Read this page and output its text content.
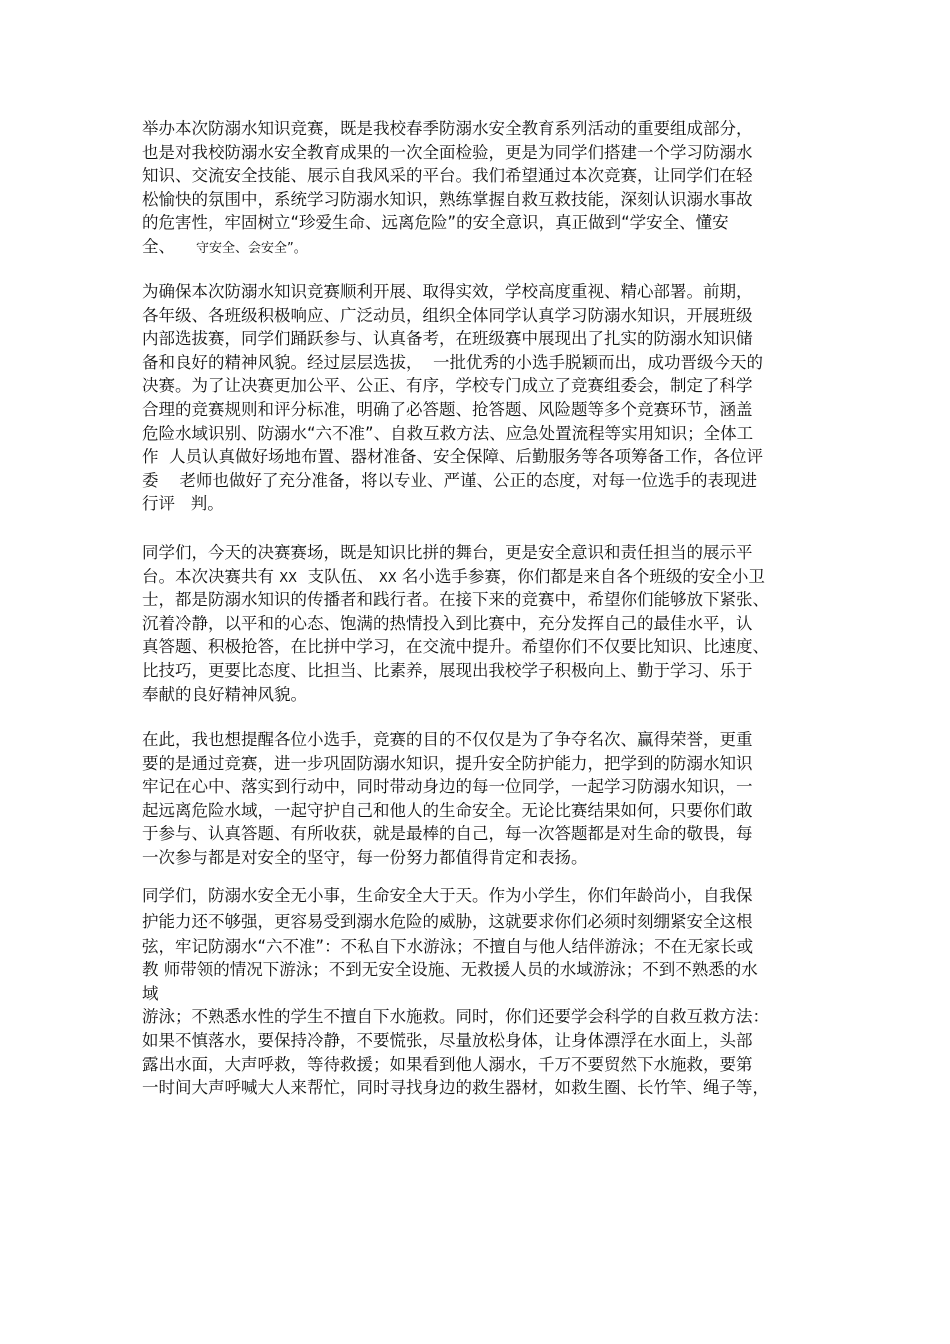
举办本次防溺水知识竞赛，既是我校春季防溺水安全教育系列活动的重要组成部分，
也是对我校防溺水安全教育成果的一次全面检验，更是为同学们搭建一个学习防溺水
知识、交流安全技能、展示自我风采的平台。我们希望通过本次竞赛，让同学们在轻
松愉快的氛围中，系统学习防溺水知识，熟练掌握自救互救技能，深刻认识溺水事故
的危害性，牢固树立“珍爱生命、远离危险”的安全意识，真正做到“学安全、懂安
全、 守安全、会安全”。
为确保本次防溺水知识竞赛顺利开展、取得实效，学校高度重视、精心部署。前期，
各年级、各班级积极响应、广泛动员，组织全体同学认真学习防溺水知识，开展班级
内部选拔赛，同学们踊跃参与、认真备考，在班级赛中展现出了扎实的防溺水知识储
备和良好的精神风貌。经过层层选拔， 一批优秀的小选手脱颖而出，成功晋级今天的
决赛。为了让决赛更加公平、公正、有序，学校专门成立了竞赛组委会，制定了科学
合理的竞赛规则和评分标准，明确了必答题、抢答题、风险题等多个竞赛环节，涵盖
危险水域识别、防溺水“六不准”、自救互救方法、应急处置流程等实用知识；全体工
作 人员认真做好场地布置、器材准备、安全保障、后勤服务等各项筹备工作，各位评
委 老师也做好了充分准备，将以专业、严谨、公正的态度，对每一位选手的表现进
行评 判。
同学们，今天的决赛赛场，既是知识比拼的舞台，更是安全意识和责任担当的展示平
台。本次决赛共有 XX 支队伍、 XX 名小选手参赛，你们都是来自各个班级的安全小卫
士，都是防溺水知识的传播者和践行者。在接下来的竞赛中，希望你们能够放下紧张、
沉着冷静，以平和的心态、饱满的热情投入到比赛中，充分发挥自己的最佳水平，认
真答题、积极抢答，在比拼中学习，在交流中提升。希望你们不仅要比知识、比速度、
比技巧，更要比态度、比担当、比素养，展现出我校学子积极向上、勤于学习、乐于
奉献的良好精神风貌。
在此，我也想提醒各位小选手，竞赛的目的不仅仅是为了争夺名次、赢得荣誉，更重
要的是通过竞赛，进一步巩固防溺水知识，提升安全防护能力，把学到的防溺水知识
牢记在心中、落实到行动中，同时带动身边的每一位同学，一起学习防溺水知识，一
起远离危险水域，一起守护自己和他人的生命安全。无论比赛结果如何，只要你们敢
于参与、认真答题、有所收获，就是最棒的自己，每一次答题都是对生命的敬畏，每
一次参与都是对安全的坚守，每一份努力都值得肯定和表扬。
同学们，防溺水安全无小事，生命安全大于天。作为小学生，你们年龄尚小，自我保
护能力还不够强，更容易受到溺水危险的威胁，这就要求你们必须时刻绷紧安全这根
弦，牢记防溺水“六不准”：不私自下水游泳；不擅自与他人结伴游泳；不在无家长或
教 师带领的情况下游泳；不到无安全设施、无救援人员的水域游泳；不到不熟悉的水
域
游泳；不熟悉水性的学生不擅自下水施救。同时，你们还要学会科学的自救互救方法：
如果不慎落水，要保持冷静，不要慌张，尽量放松身体，让身体漂浮在水面上，头部
露出水面，大声呼救，等待救援；如果看到他人溺水，千万不要贸然下水施救，要第
一时间大声呼喊大人来帮忙，同时寻找身边的救生器材，如救生圈、长竹竿、绳子等，
